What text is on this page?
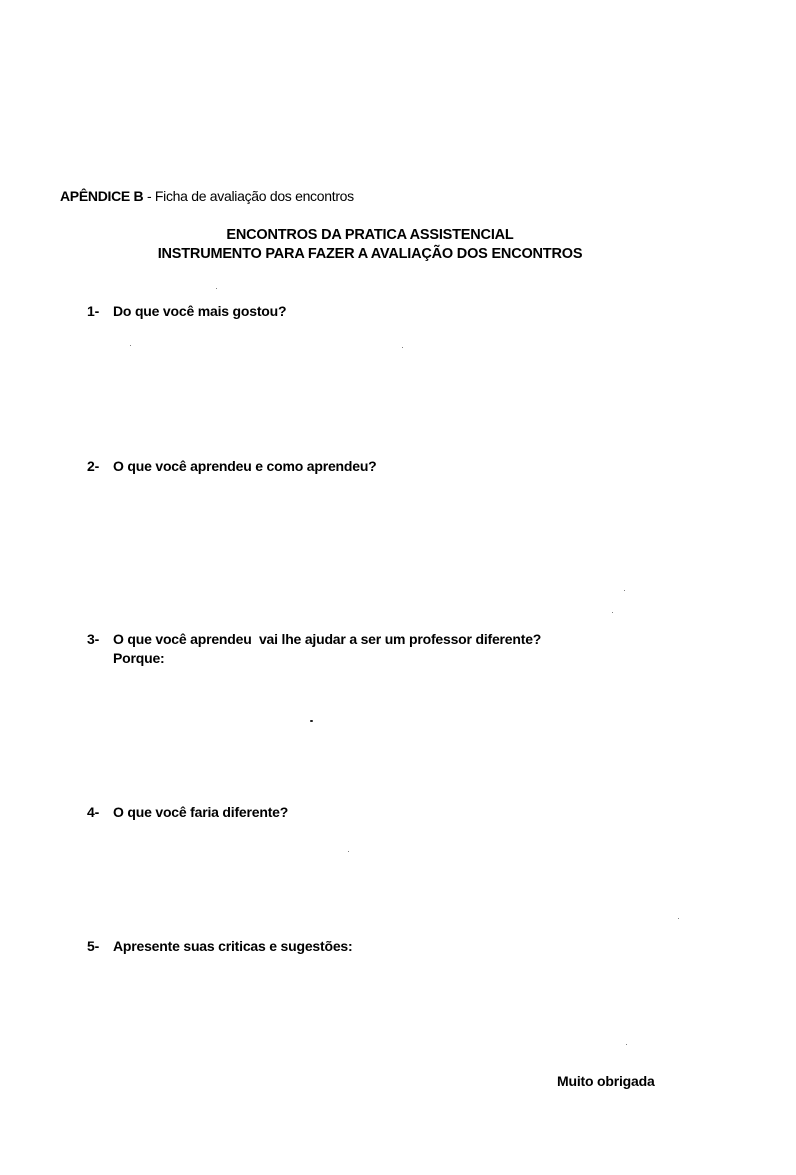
APÊNDICE B - Ficha de avaliação dos encontros
ENCONTROS DA PRATICA ASSISTENCIAL
INSTRUMENTO PARA FAZER A AVALIAÇÃO DOS ENCONTROS
1- Do que você mais gostou?
2- O que você aprendeu e como aprendeu?
3- O que você aprendeu  vai lhe ajudar a ser um professor diferente?
Porque:
4- O que você faria diferente?
5- Apresente suas criticas e sugestões:
Muito obrigada
